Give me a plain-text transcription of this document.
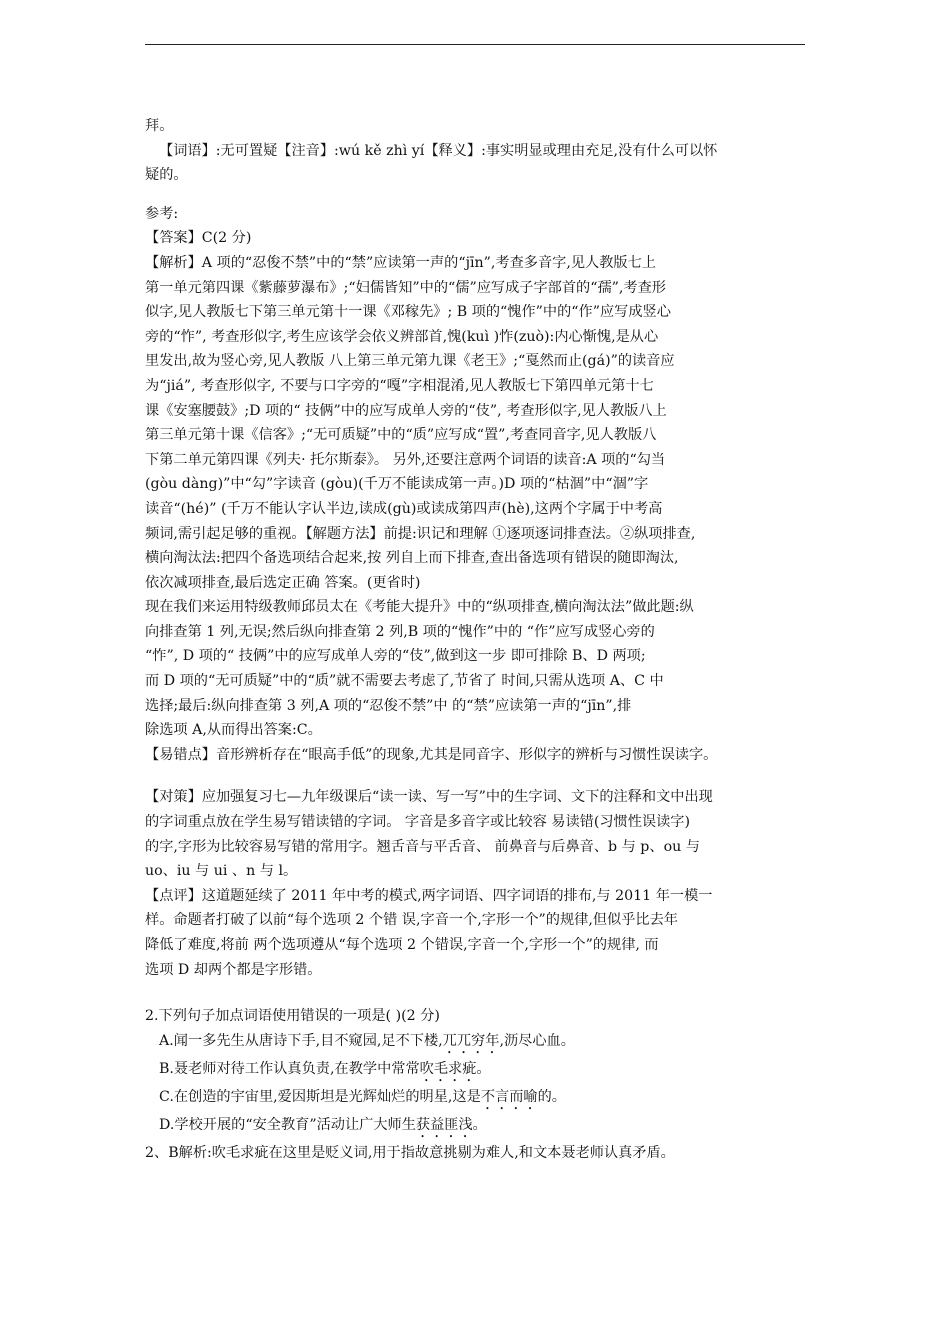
拜。

【词语】:无可置疑【注音】:wú kě zhì yí【释义】:事实明显或理由充足,没有什么可以怀

疑的。

参考:

【答案】C(2 分)

【解析】A 项的“忍俊不禁”中的“禁”应读第一声的“jīn”,考查多音字,见人教版七上

第一单元第四课《紫藤萝瀑布》;“妇儒皆知”中的“儒”应写成子字部首的“孺”,考查形

似字,见人教版七下第三单元第十一课《邓稼先》; B 项的“愧作”中的“作”应写成竖心

旁的“怍”, 考查形似字,考生应该学会依义辨部首,愧(kuì )怍(zuò):内心惭愧,是从心

里发出,故为竖心旁,见人教版 八上第三单元第九课《老王》;“戛然而止(gá)”的读音应

为“jiá”, 考查形似字, 不要与口字旁的“嘎”字相混淆,见人教版七下第四单元第十七

课《安塞腰鼓》;D 项的“ 技俩”中的应写成单人旁的“伎”, 考查形似字,见人教版八上

第三单元第十课《信客》;“无可质疑”中的“质”应写成“置”,考查同音字,见人教版八

下第二单元第四课《列夫· 托尔斯泰》。 另外,还要注意两个词语的读音:A 项的“勾当

(gòu dàng)”中“勾”字读音 (gòu)(千万不能读成第一声。)D 项的“枯涸”中“涸”字

读音“(hé)” (千万不能认字认半边,读成(gù)或读成第四声(hè),这两个字属于中考高

频词,需引起足够的重视。【解题方法】前提:识记和理解 ①逐项逐词排查法。②纵项排查,

横向淘汰法:把四个备选项结合起来,按 列自上而下排查,查出备选项有错误的随即淘汰,

依次减项排查,最后选定正确 答案。(更省时)

现在我们来运用特级教师邱员太在《考能大提升》中的“纵项排查,横向淘汰法”做此题:纵

向排查第 1 列,无误;然后纵向排查第 2 列,B 项的“愧作”中的 “作”应写成竖心旁的

“怍”, D 项的“ 技俩”中的应写成单人旁的“伎”,做到这一步 即可排除 B、D 两项;

而 D 项的“无可质疑”中的“质”就不需要去考虑了,节省了 时间,只需从选项 A、C 中

选择;最后:纵向排查第 3 列,A 项的“忍俊不禁”中 的“禁”应读第一声的“jīn”,排

除选项 A,从而得出答案:C。

【易错点】音形辨析存在“眼高手低”的现象,尤其是同音字、形似字的辨析与习惯性误读字。

【对策】应加强复习七—九年级课后“读一读、写一写”中的生字词、文下的注释和文中出现

的字词重点放在学生易写错读错的字词。 字音是多音字或比较容 易读错(习惯性误读字)

的字,字形为比较容易写错的常用字。翘舌音与平舌音、 前鼻音与后鼻音、b 与 p、ou 与

uo、iu 与 ui 、n 与 l。

【点评】这道题延续了 2011 年中考的模式,两字词语、四字词语的排布,与 2011 年一模一

样。命题者打破了以前“每个选项 2 个错 误,字音一个,字形一个”的规律,但似乎比去年

降低了难度,将前 两个选项遵从“每个选项 2 个错误,字音一个,字形一个”的规律, 而

选项 D 却两个都是字形错。

2.下列句子加点词语使用错误的一项是( )(2 分)

A.闻一多先生从唐诗下手,目不窥园,足不下楼,兀兀穷年,沥尽心血。

B.聂老师对待工作认真负责,在教学中常常吹毛求疵。

C.在创造的宇宙里,爱因斯坦是光辉灿烂的明星,这是不言而喻的。

D.学校开展的“安全教育”活动让广大师生获益匪浅。

2、B解析:吹毛求疵在这里是贬义词,用于指故意挑剔为难人,和文本聂老师认真矛盾。
